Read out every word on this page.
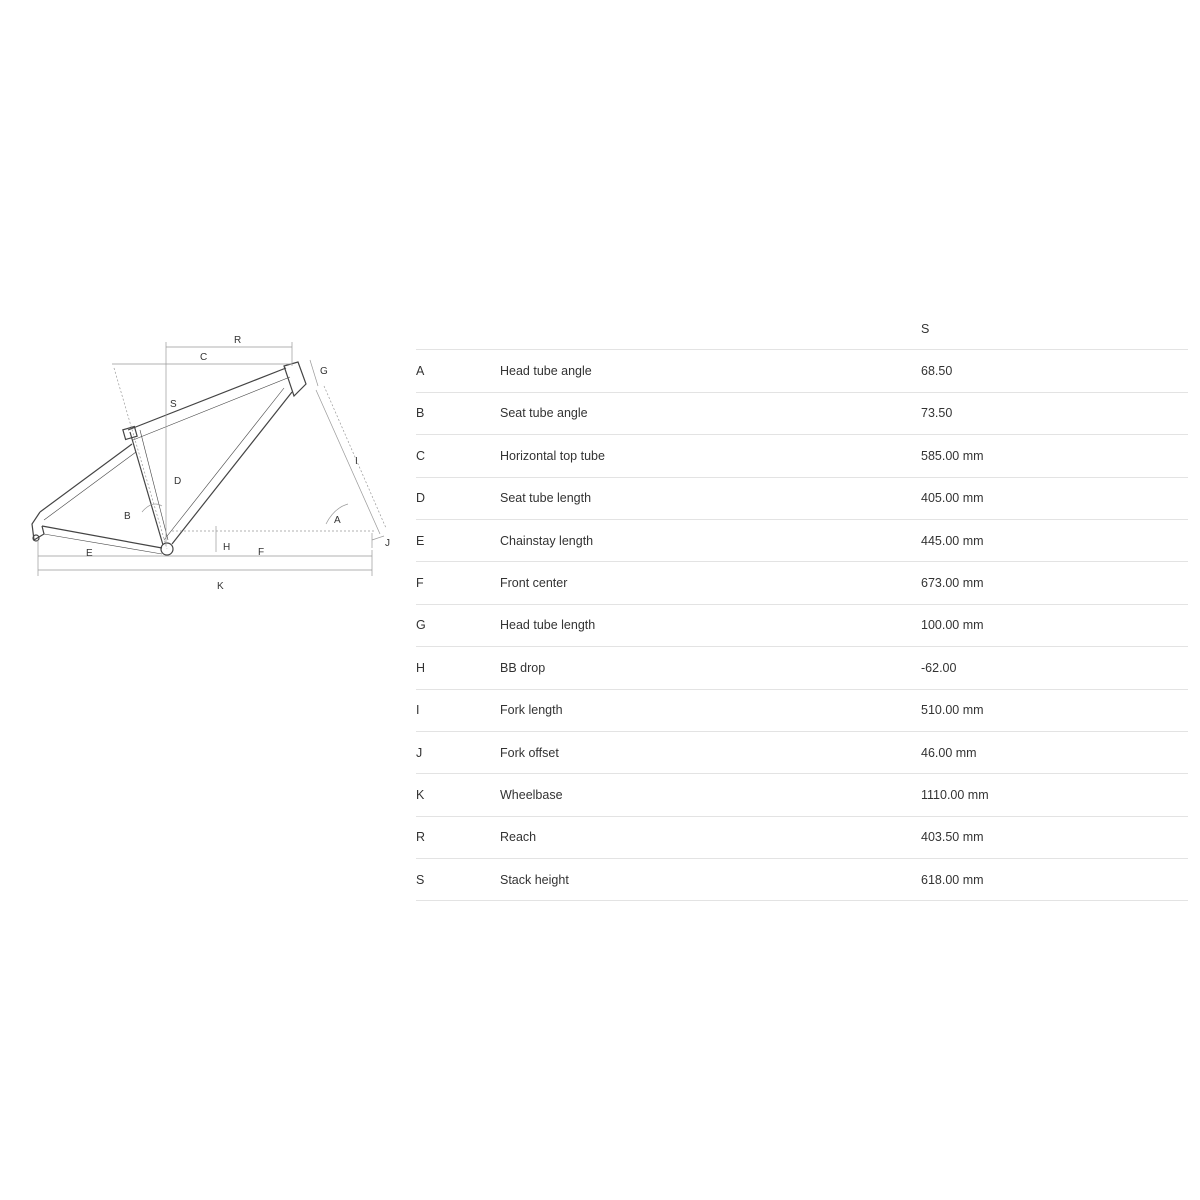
R
C
G
S
I
D
B	A
H	F
J
E
K
		S
A	Head tube angle	68.50
B	Seat tube angle	73.50
C	Horizontal top tube	585.00 mm
D	Seat tube length	405.00 mm
E	Chainstay length	445.00 mm
F	Front center	673.00 mm
G	Head tube length	100.00 mm
H	BB drop	-62.00
I	Fork length	510.00 mm
J	Fork offset	46.00 mm
K	Wheelbase	1110.00 mm
R	Reach	403.50 mm
S	Stack height	618.00 mm
